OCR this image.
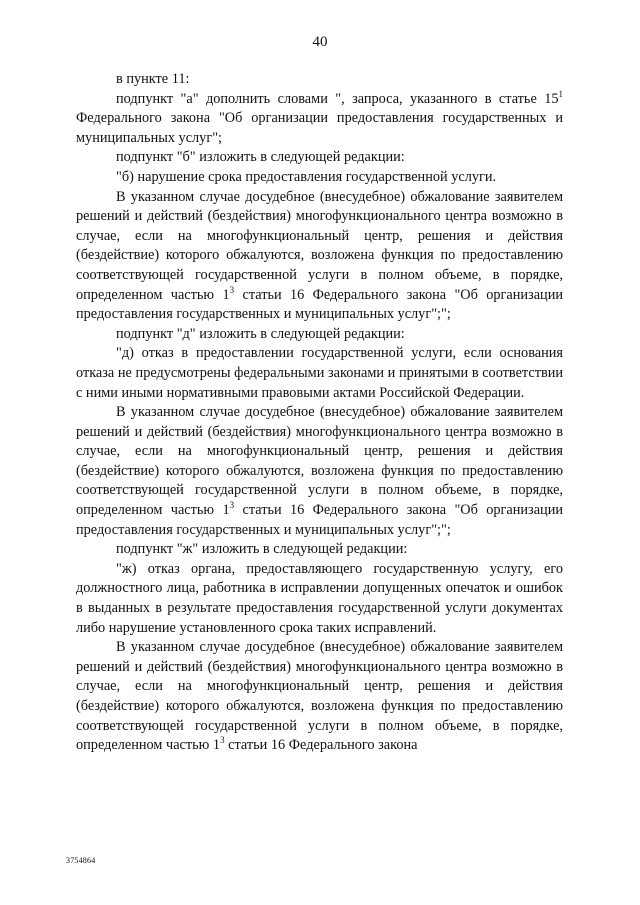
40

в пункте 11:

подпункт "а" дополнить словами ", запроса, указанного в статье $15^1$ Федерального закона "Об организации предоставления государственных и муниципальных услуг";

подпункт "б" изложить в следующей редакции:

"б) нарушение срока предоставления государственной услуги.

В указанном случае досудебное (внесудебное) обжалование заявителем решений и действий (бездействия) многофункционального центра возможно в случае, если на многофункциональный центр, решения и действия (бездействие) которого обжалуются, возложена функция по предоставлению соответствующей государственной услуги в полном объеме, в порядке, определенном частью $1^3$ статьи 16 Федерального закона "Об организации предоставления государственных и муниципальных услуг";";

подпункт "д" изложить в следующей редакции:

"д) отказ в предоставлении государственной услуги, если основания отказа не предусмотрены федеральными законами и принятыми в соответствии с ними иными нормативными правовыми актами Российской Федерации.

В указанном случае досудебное (внесудебное) обжалование заявителем решений и действий (бездействия) многофункционального центра возможно в случае, если на многофункциональный центр, решения и действия (бездействие) которого обжалуются, возложена функция по предоставлению соответствующей государственной услуги в полном объеме, в порядке, определенном частью $1^3$ статьи 16 Федерального закона "Об организации предоставления государственных и муниципальных услуг";";

подпункт "ж" изложить в следующей редакции:

"ж) отказ органа, предоставляющего государственную услугу, его должностного лица, работника в исправлении допущенных опечаток и ошибок в выданных в результате предоставления государственной услуги документах либо нарушение установленного срока таких исправлений.

В указанном случае досудебное (внесудебное) обжалование заявителем решений и действий (бездействия) многофункционального центра возможно в случае, если на многофункциональный центр, решения и действия (бездействие) которого обжалуются, возложена функция по предоставлению соответствующей государственной услуги в полном объеме, в порядке, определенном частью $1^3$ статьи 16 Федерального закона

3754864
